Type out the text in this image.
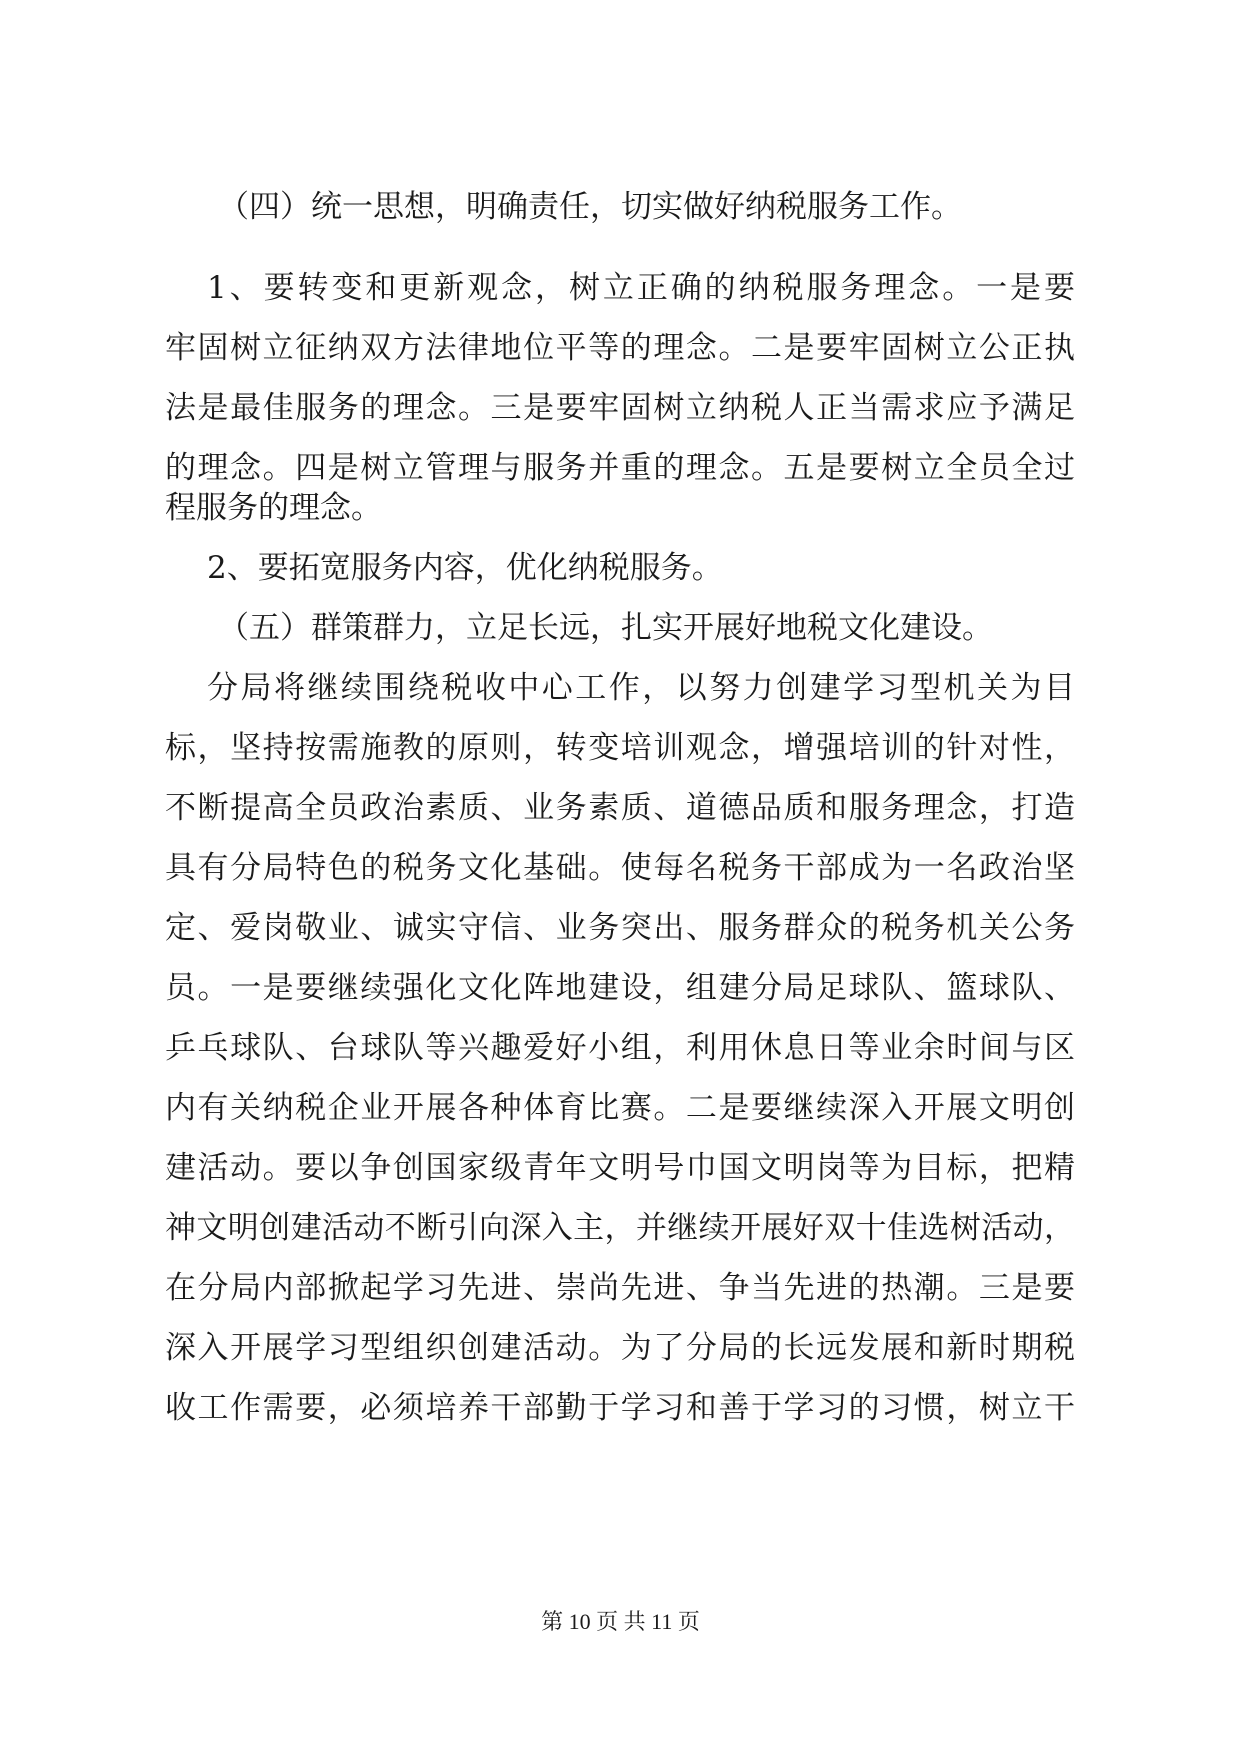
（四）统一思想，明确责任，切实做好纳税服务工作。
1、要转变和更新观念，树立正确的纳税服务理念。一是要
牢固树立征纳双方法律地位平等的理念。二是要牢固树立公正执
法是最佳服务的理念。三是要牢固树立纳税人正当需求应予满足
的理念。四是树立管理与服务并重的理念。五是要树立全员全过
程服务的理念。
2、要拓宽服务内容，优化纳税服务。
（五）群策群力，立足长远，扎实开展好地税文化建设。
分局将继续围绕税收中心工作，以努力创建学习型机关为目
标，坚持按需施教的原则，转变培训观念，增强培训的针对性，
不断提高全员政治素质、业务素质、道德品质和服务理念，打造
具有分局特色的税务文化基础。使每名税务干部成为一名政治坚
定、爱岗敬业、诚实守信、业务突出、服务群众的税务机关公务
员。一是要继续强化文化阵地建设，组建分局足球队、篮球队、
乒乓球队、台球队等兴趣爱好小组，利用休息日等业余时间与区
内有关纳税企业开展各种体育比赛。二是要继续深入开展文明创
建活动。要以争创国家级青年文明号巾国文明岗等为目标，把精
神文明创建活动不断引向深入主，并继续开展好双十佳选树活动，
在分局内部掀起学习先进、崇尚先进、争当先进的热潮。三是要
深入开展学习型组织创建活动。为了分局的长远发展和新时期税
收工作需要，必须培养干部勤于学习和善于学习的习惯，树立干
第 10 页 共 11 页
